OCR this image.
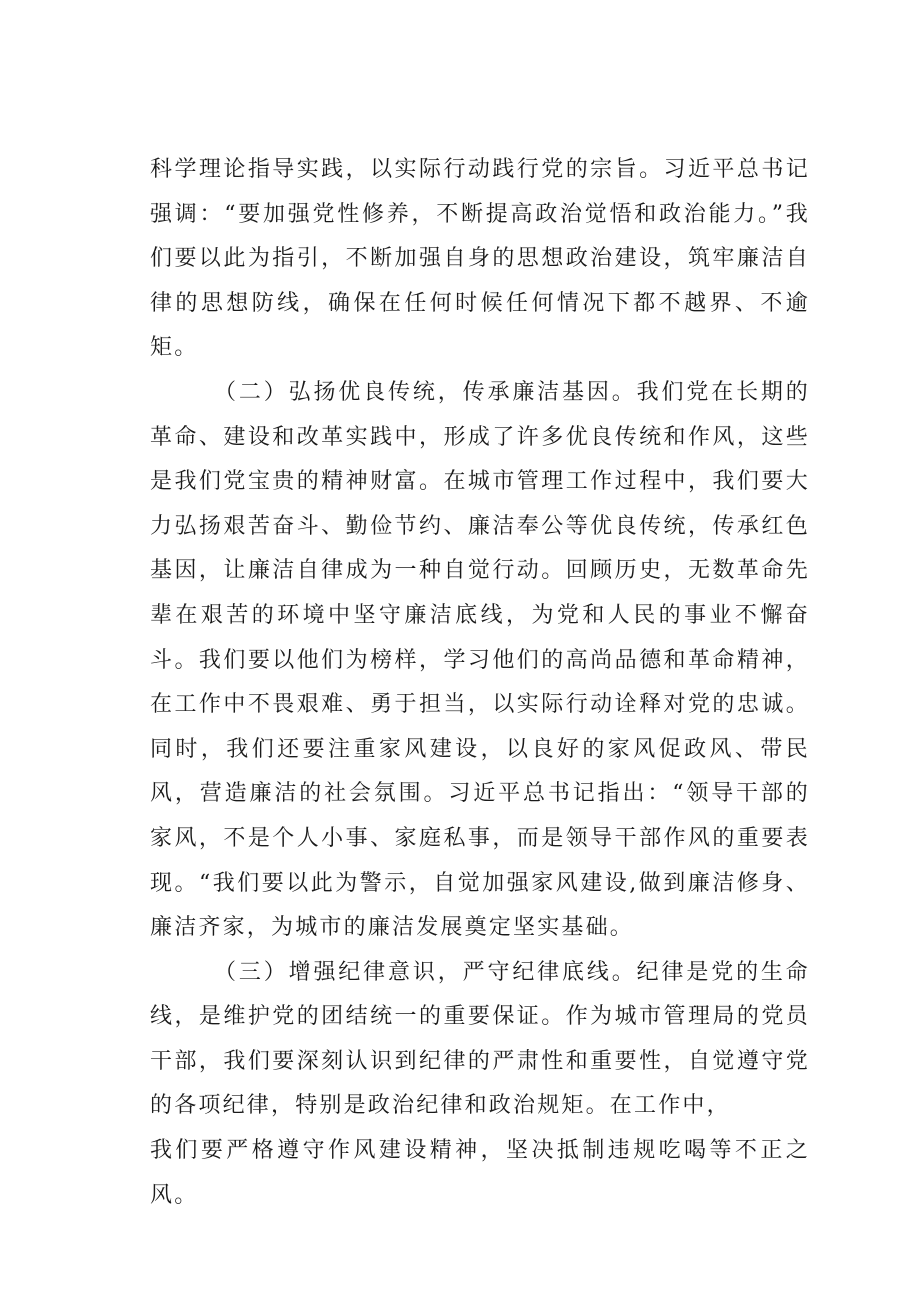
科学理论指导实践，以实际行动践行党的宗旨。习近平总书记强调：“要加强党性修养，不断提高政治觉悟和政治能力。”我们要以此为指引，不断加强自身的思想政治建设，筑牢廉洁自律的思想防线，确保在任何时候任何情况下都不越界、不逾矩。

（二）弘扬优良传统，传承廉洁基因。我们党在长期的革命、建设和改革实践中，形成了许多优良传统和作风，这些是我们党宝贵的精神财富。在城市管理工作过程中，我们要大力弘扬艰苦奋斗、勤俭节约、廉洁奉公等优良传统，传承红色基因，让廉洁自律成为一种自觉行动。回顾历史，无数革命先辈在艰苦的环境中坚守廉洁底线，为党和人民的事业不懈奋斗。我们要以他们为榜样，学习他们的高尚品德和革命精神，在工作中不畏艰难、勇于担当，以实际行动诠释对党的忠诚。同时，我们还要注重家风建设，以良好的家风促政风、带民风，营造廉洁的社会氛围。习近平总书记指出：“领导干部的家风，不是个人小事、家庭私事，而是领导干部作风的重要表现。“我们要以此为警示，自觉加强家风建设,做到廉洁修身、廉洁齐家，为城市的廉洁发展奠定坚实基础。

（三）增强纪律意识，严守纪律底线。纪律是党的生命线，是维护党的团结统一的重要保证。作为城市管理局的党员干部，我们要深刻认识到纪律的严肃性和重要性，自觉遵守党的各项纪律，特别是政治纪律和政治规矩。在工作中，

我们要严格遵守作风建设精神，坚决抵制违规吃喝等不正之风。
